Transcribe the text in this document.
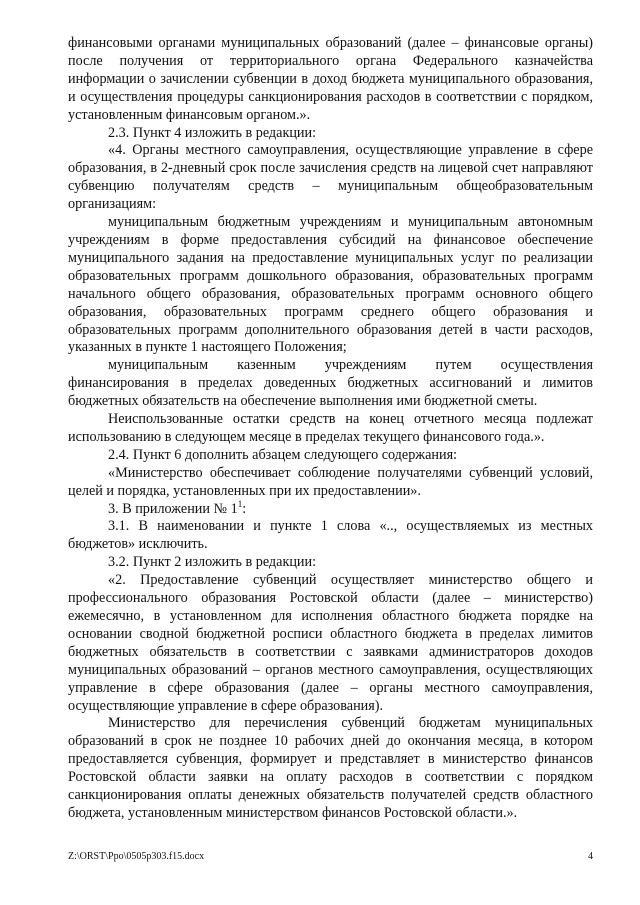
финансовыми органами муниципальных образований (далее – финансовые органы) после получения от территориального органа Федерального казначейства информации о зачислении субвенции в доход бюджета муниципального образования, и осуществления процедуры санкционирования расходов в соответствии с порядком, установленным финансовым органом.».

2.3. Пункт 4 изложить в редакции:

«4. Органы местного самоуправления, осуществляющие управление в сфере образования, в 2-дневный срок после зачисления средств на лицевой счет направляют субвенцию получателям средств – муниципальным общеобразовательным организациям:

муниципальным бюджетным учреждениям и муниципальным автономным учреждениям в форме предоставления субсидий на финансовое обеспечение муниципального задания на предоставление муниципальных услуг по реализации образовательных программ дошкольного образования, образовательных программ начального общего образования, образовательных программ основного общего образования, образовательных программ среднего общего образования и образовательных программ дополнительного образования детей в части расходов, указанных в пункте 1 настоящего Положения;

муниципальным казенным учреждениям путем осуществления финансирования в пределах доведенных бюджетных ассигнований и лимитов бюджетных обязательств на обеспечение выполнения ими бюджетной сметы.

Неиспользованные остатки средств на конец отчетного месяца подлежат использованию в следующем месяце в пределах текущего финансового года.».

2.4. Пункт 6 дополнить абзацем следующего содержания:

«Министерство обеспечивает соблюдение получателями субвенций условий, целей и порядка, установленных при их предоставлении».

3. В приложении № $1^1$:

3.1. В наименовании и пункте 1 слова «.., осуществляемых из местных бюджетов» исключить.

3.2. Пункт 2 изложить в редакции:

«2. Предоставление субвенций осуществляет министерство общего и профессионального образования Ростовской области (далее – министерство) ежемесячно, в установленном для исполнения областного бюджета порядке на основании сводной бюджетной росписи областного бюджета в пределах лимитов бюджетных обязательств в соответствии с заявками администраторов доходов муниципальных образований – органов местного самоуправления, осуществляющих управление в сфере образования (далее – органы местного самоуправления, осуществляющие управление в сфере образования).

Министерство для перечисления субвенций бюджетам муниципальных образований в срок не позднее 10 рабочих дней до окончания месяца, в котором предоставляется субвенция, формирует и представляет в министерство финансов Ростовской области заявки на оплату расходов в соответствии с порядком санкционирования оплаты денежных обязательств получателей средств областного бюджета, установленным министерством финансов Ростовской области.».

Z:\ORST\Ppo\0505p303.f15.docx	4
